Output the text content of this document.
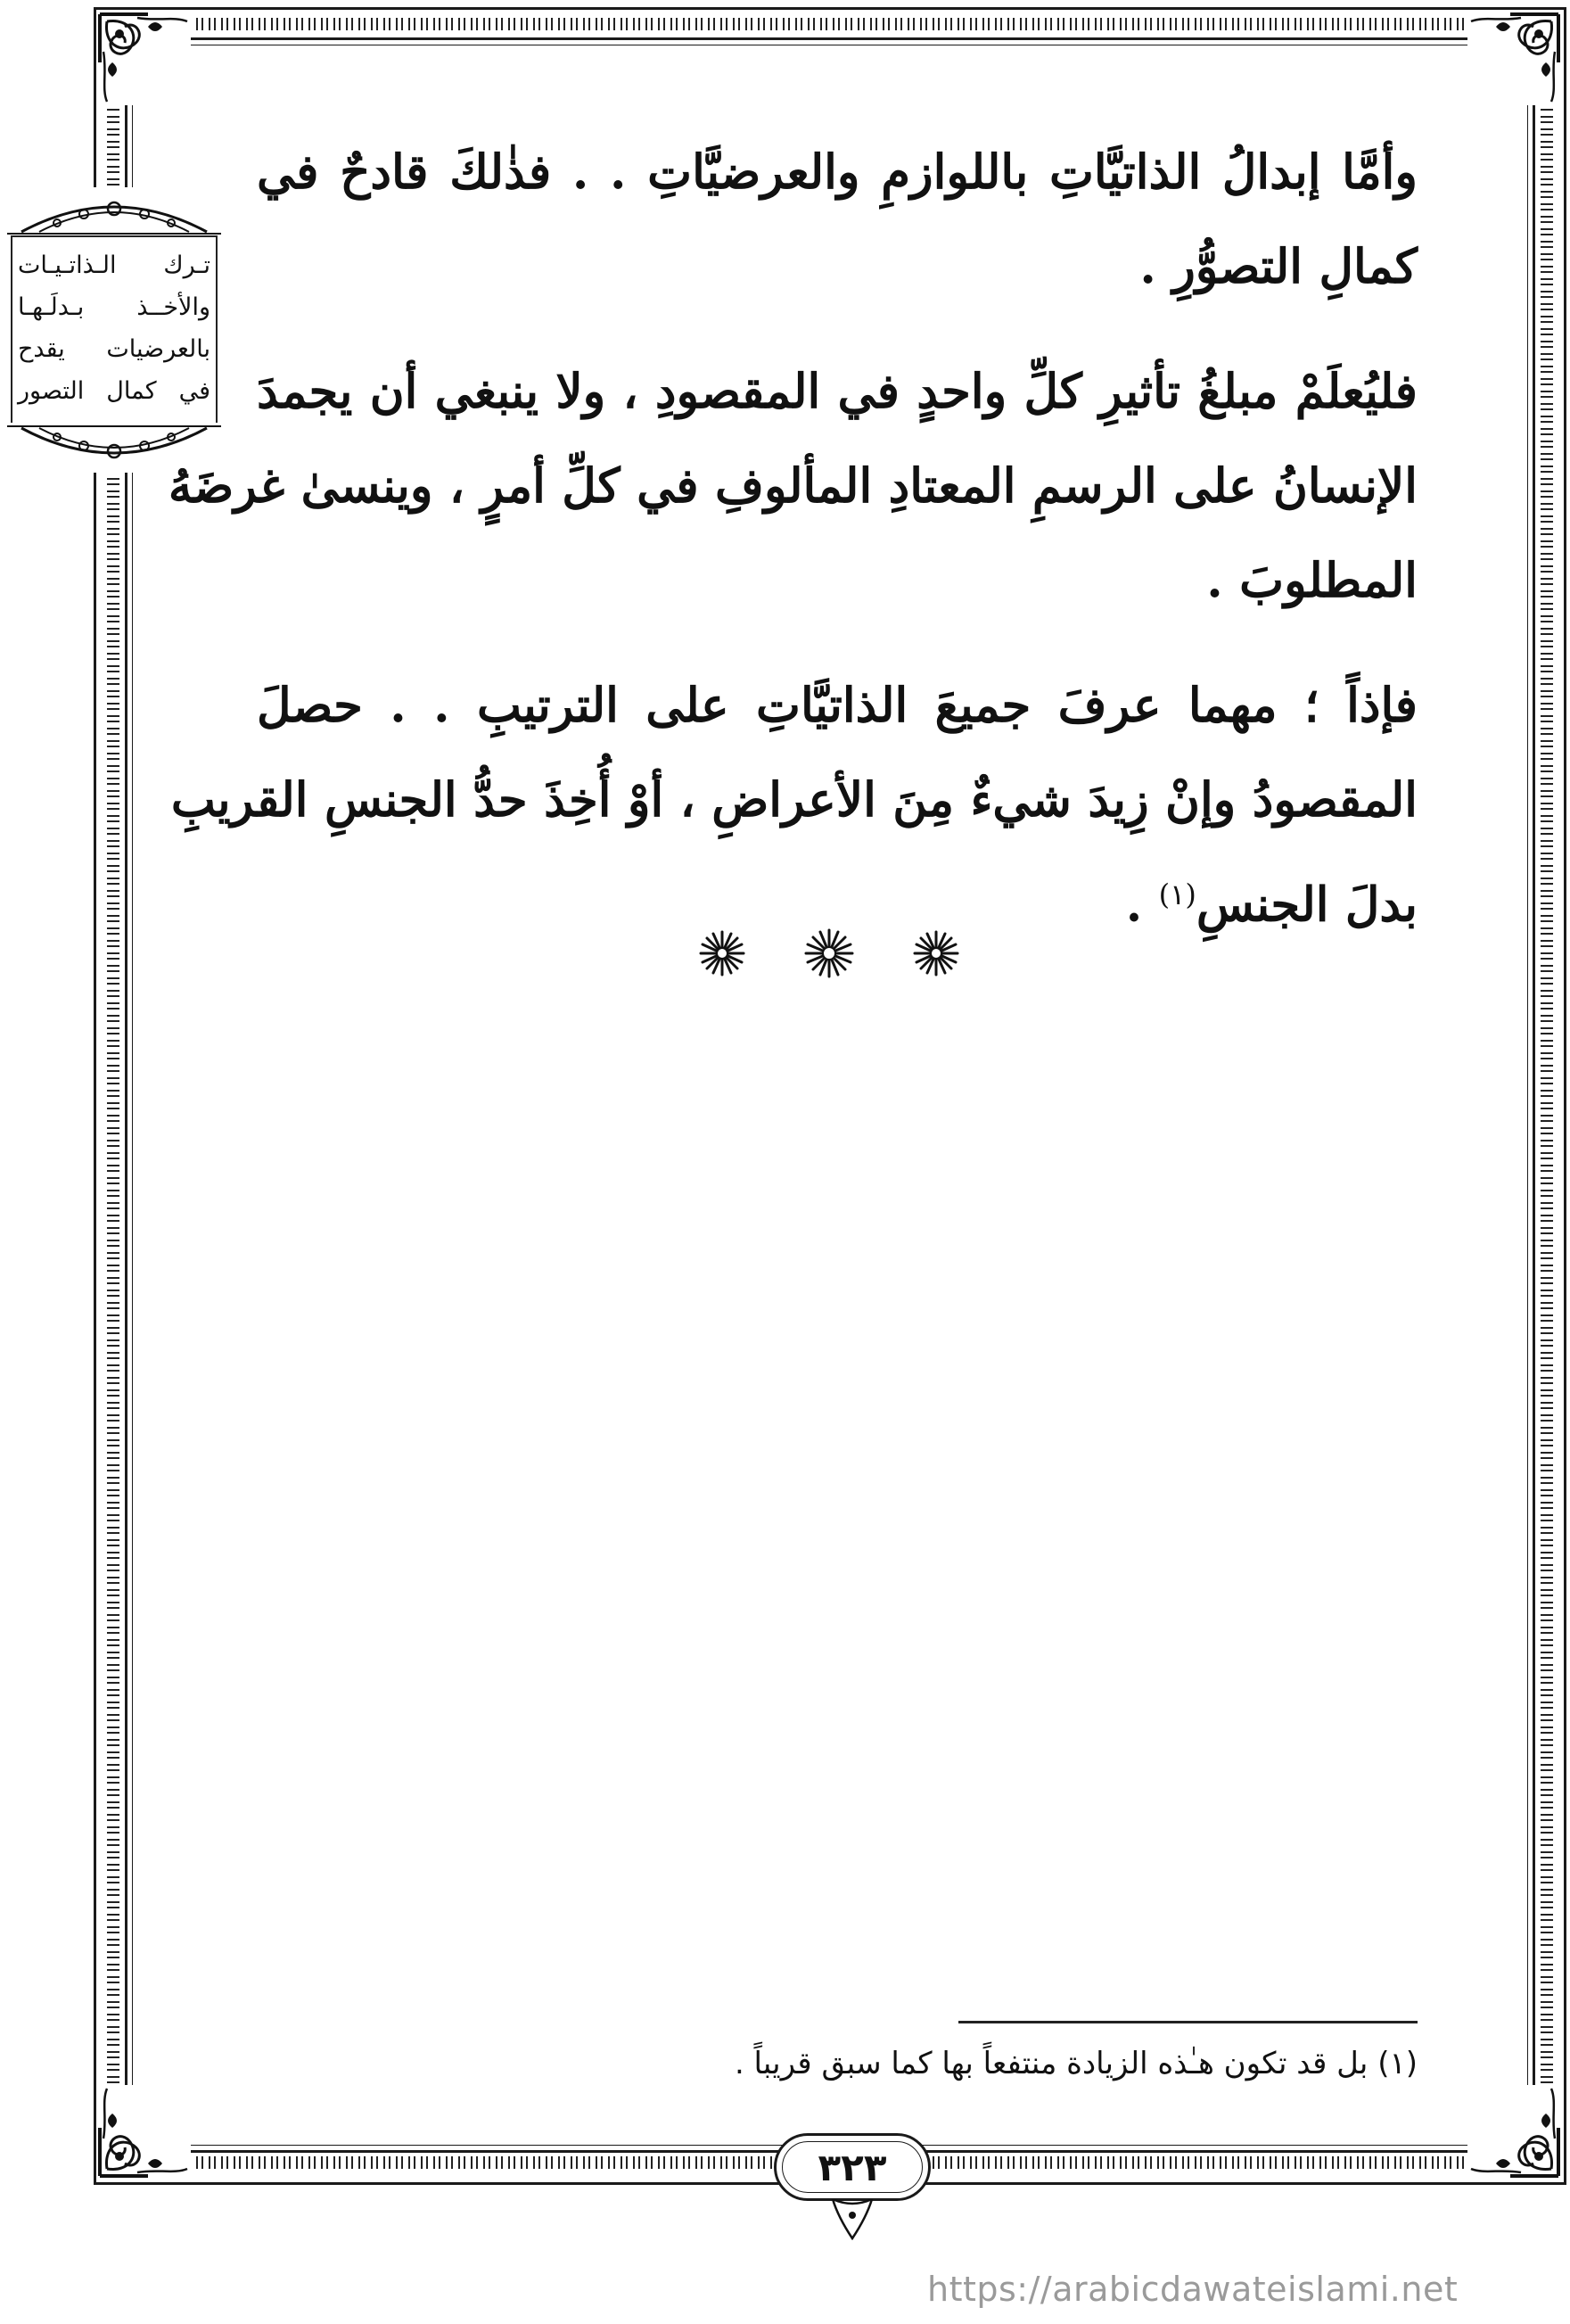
تـرك الـذاتـيـات
والأخــذ بـدلَـهـا
بالعرضيات يقدح
في كمال التصور

وأمَّا إبدالُ الذاتيَّاتِ باللوازمِ والعرضيَّاتِ . . فذٰلكَ قادحٌ في
كمالِ التصوُّرِ .

فليُعلَمْ مبلغُ تأثيرِ كلِّ واحدٍ في المقصودِ ، ولا ينبغي أن يجمدَ
الإنسانُ على الرسمِ المعتادِ المألوفِ في كلِّ أمرٍ ، وينسىٰ غرضَهُ
المطلوبَ .

فإذاً ؛ مهما عرفَ جميعَ الذاتيَّاتِ على الترتيبِ . . حصلَ
المقصودُ وإنْ زِيدَ شيءٌ مِنَ الأعراضِ ، أوْ أُخِذَ حدُّ الجنسِ القريبِ
بدلَ الجنسِ$^{(١)}$ .

(١) بل قد تكون هـٰذه الزيادة منتفعاً بها كما سبق قريباً .
٣٢٣
https://arabicdawateislami.net
